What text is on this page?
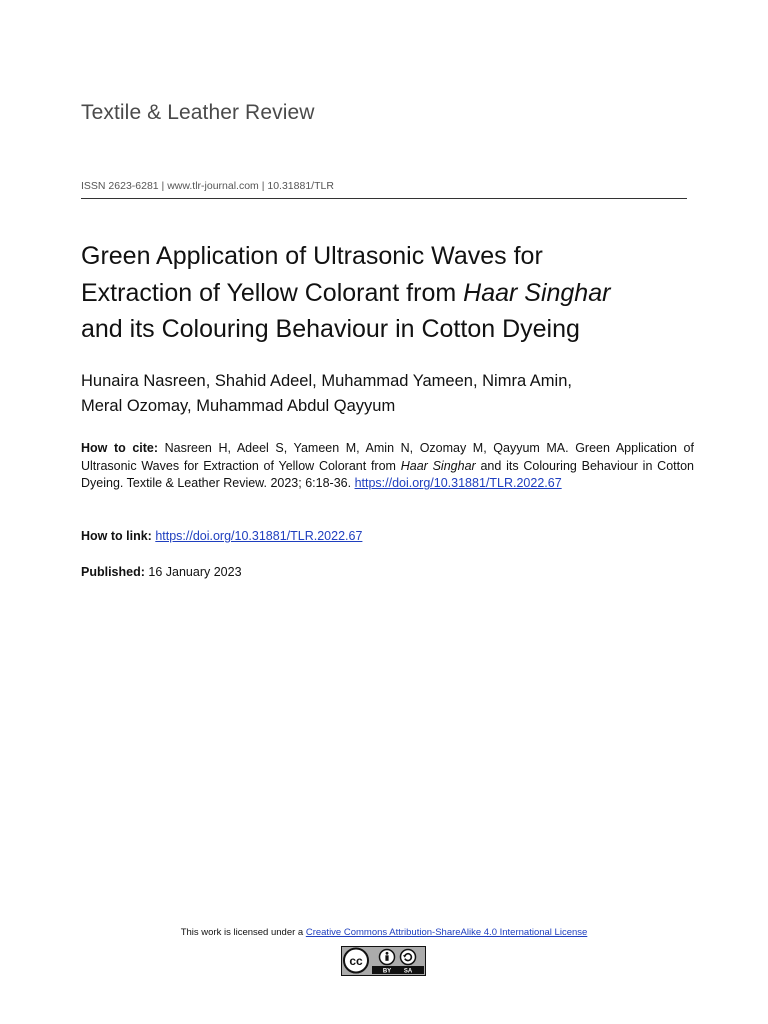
Textile & Leather Review
ISSN 2623-6281 | www.tlr-journal.com | 10.31881/TLR
Green Application of Ultrasonic Waves for
Extraction of Yellow Colorant from Haar Singhar
and its Colouring Behaviour in Cotton Dyeing
Hunaira Nasreen, Shahid Adeel, Muhammad Yameen, Nimra Amin,
Meral Ozomay, Muhammad Abdul Qayyum
How to cite: Nasreen H, Adeel S, Yameen M, Amin N, Ozomay M, Qayyum MA. Green Application of Ultrasonic Waves for Extraction of Yellow Colorant from Haar Singhar and its Colouring Behaviour in Cotton Dyeing. Textile & Leather Review. 2023; 6:18-36. https://doi.org/10.31881/TLR.2022.67
How to link: https://doi.org/10.31881/TLR.2022.67
Published: 16 January 2023
This work is licensed under a Creative Commons Attribution-ShareAlike 4.0 International License
cc
BY SA
